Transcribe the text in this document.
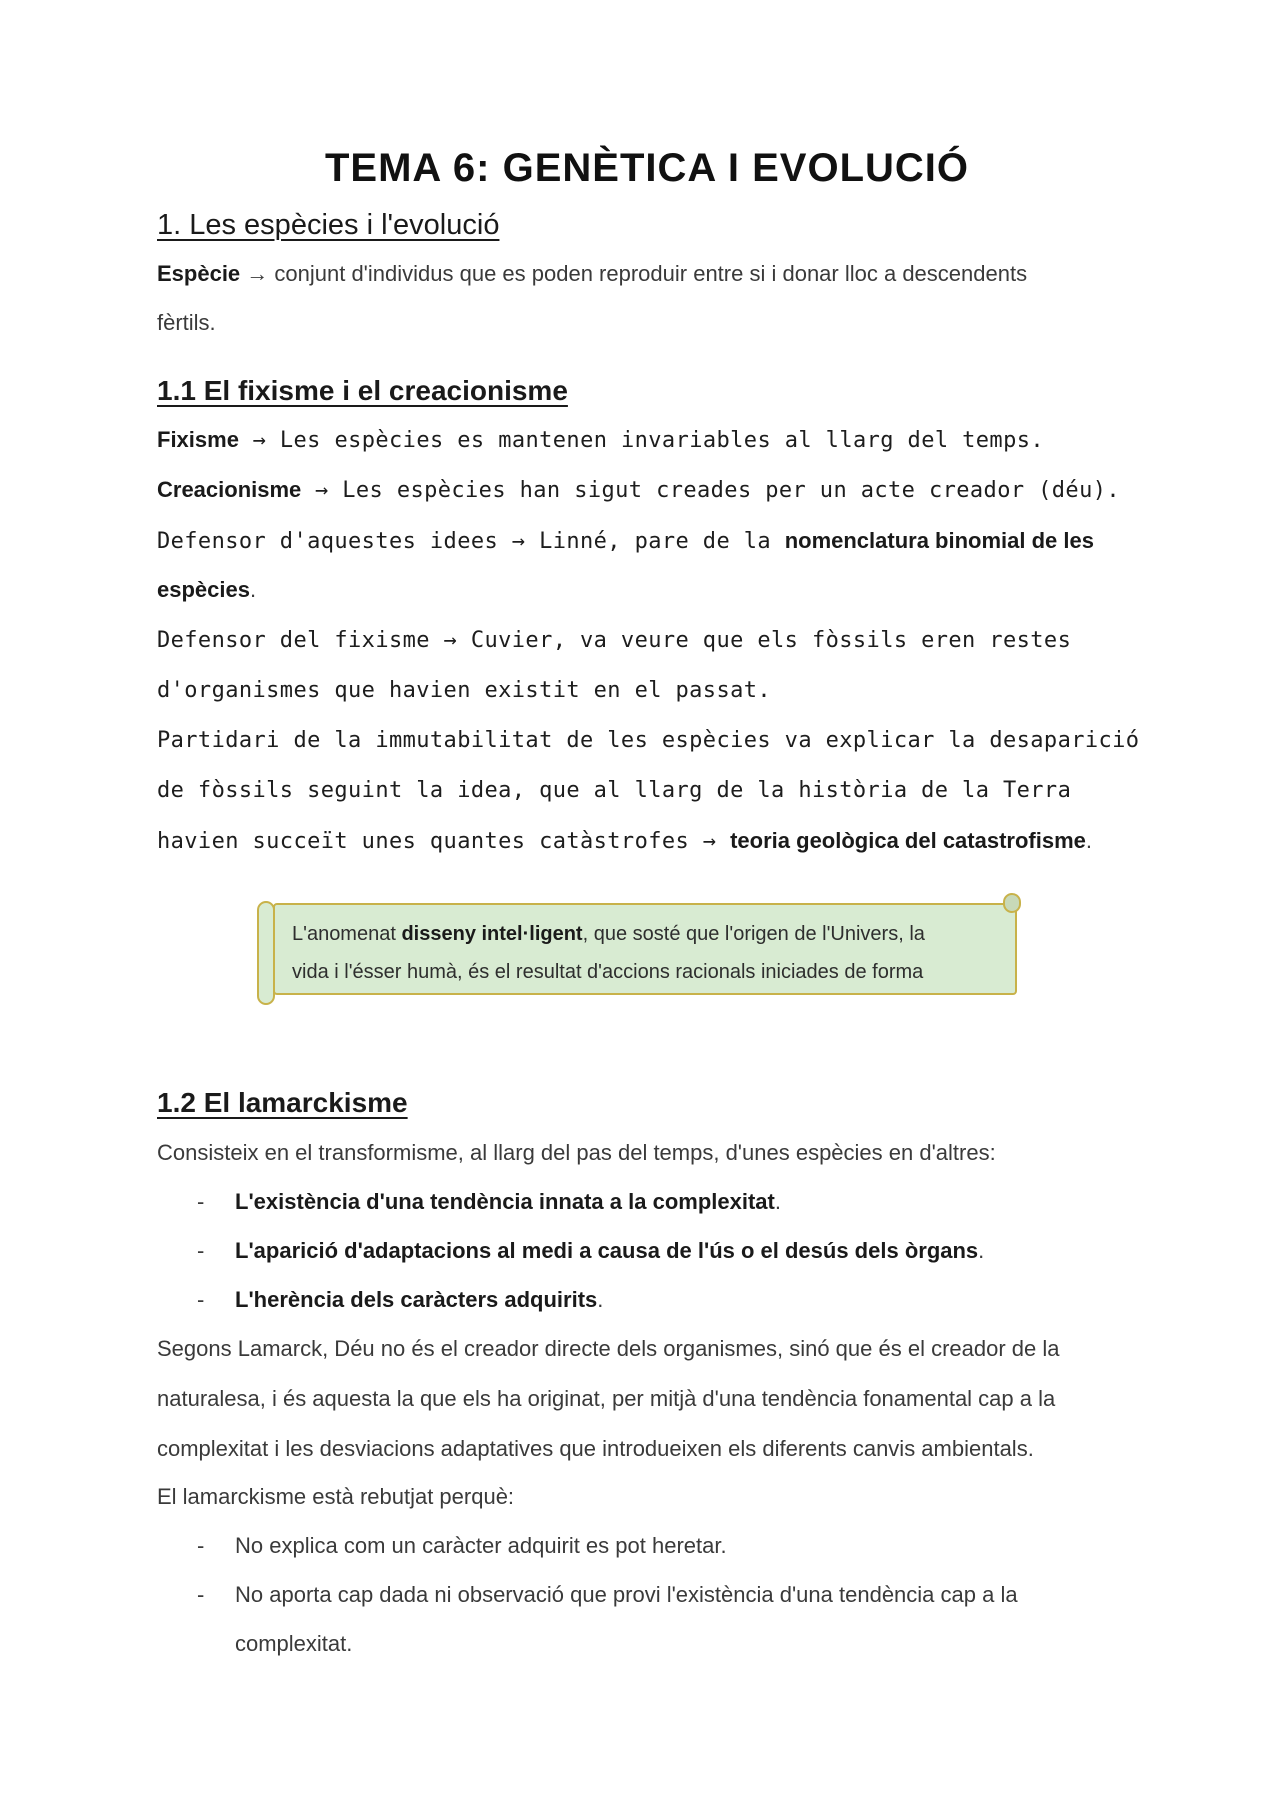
TEMA 6: GENÈTICA I EVOLUCIÓ
1. Les espècies i l'evolució
Espècie → conjunt d'individus que es poden reproduir entre si i donar lloc a descendents
fèrtils.
1.1 El fixisme i el creacionisme
Fixisme → Les espècies es mantenen invariables al llarg del temps.
Creacionisme → Les espècies han sigut creades per un acte creador (déu).
Defensor d'aquestes idees → Linné, pare de la nomenclatura binomial de les
espècies.
Defensor del fixisme → Cuvier, va veure que els fòssils eren restes
d'organismes que havien existit en el passat.
Partidari de la immutabilitat de les espècies va explicar la desaparició
de fòssils seguint la idea, que al llarg de la història de la Terra
havien succeït unes quantes catàstrofes → teoria geològica del catastrofisme.
L'anomenat disseny intel·ligent, que sosté que l'origen de l'Univers, la
vida i l'ésser humà, és el resultat d'accions racionals iniciades de forma
1.2 El lamarckisme
Consisteix en el transformisme, al llarg del pas del temps, d'unes espècies en d'altres:
- L'existència d'una tendència innata a la complexitat.
- L'aparició d'adaptacions al medi a causa de l'ús o el desús dels òrgans.
- L'herència dels caràcters adquirits.
Segons Lamarck, Déu no és el creador directe dels organismes, sinó que és el creador de la
naturalesa, i és aquesta la que els ha originat, per mitjà d'una tendència fonamental cap a la
complexitat i les desviacions adaptatives que introdueixen els diferents canvis ambientals.
El lamarckisme està rebutjat perquè:
- No explica com un caràcter adquirit es pot heretar.
- No aporta cap dada ni observació que provi l'existència d'una tendència cap a la
complexitat.
